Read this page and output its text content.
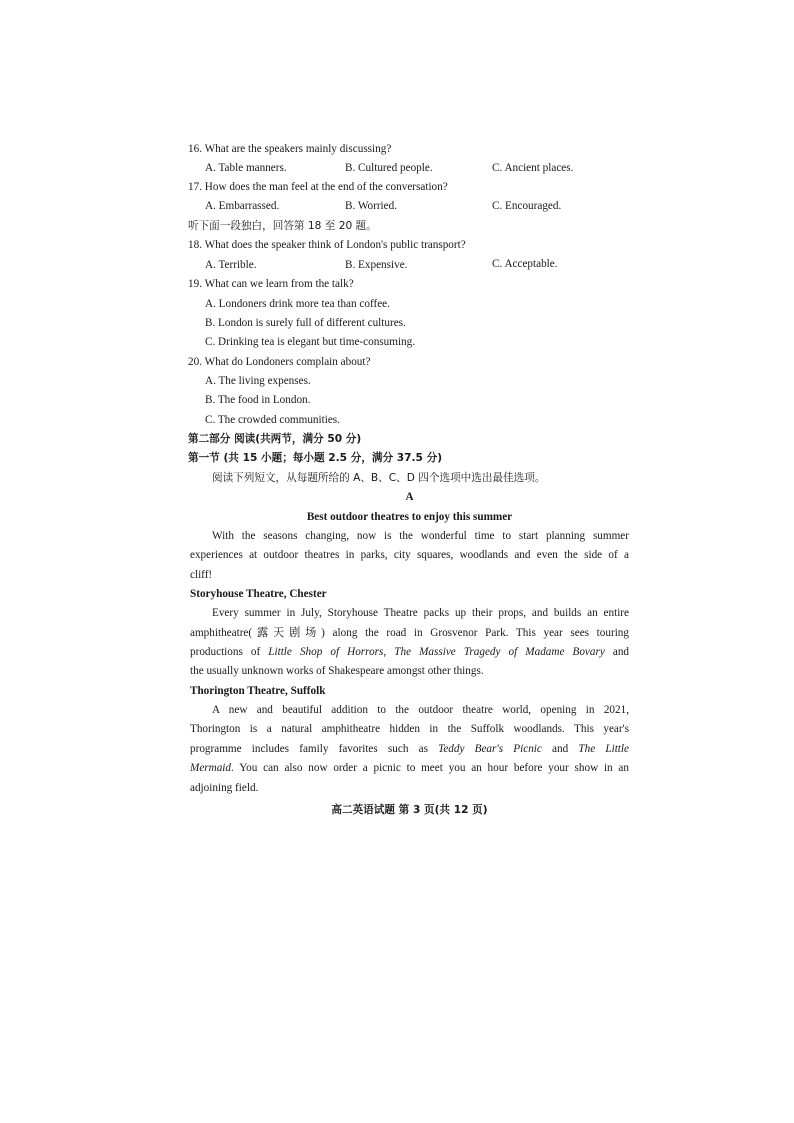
16. What are the speakers mainly discussing?
A. Table manners.	B. Cultured people.	C. Ancient places.
17. How does the man feel at the end of the conversation?
A. Embarrassed.	B. Worried.	C. Encouraged.
听下面一段独白，回答第 18 至 20 题。
18. What does the speaker think of London's public transport?
A. Terrible.	B. Expensive.	C. Acceptable.
19. What can we learn from the talk?
A. Londoners drink more tea than coffee.
B. London is surely full of different cultures.
C. Drinking tea is elegant but time-consuming.
20. What do Londoners complain about?
A. The living expenses.
B. The food in London.
C. The crowded communities.
第二部分 阅读(共两节，满分 50 分)
第一节 (共 15 小题；每小题 2.5 分，满分 37.5 分)
阅读下列短文，从每题所给的 A、B、C、D 四个选项中选出最佳选项。
A
Best outdoor theatres to enjoy this summer
With the seasons changing, now is the wonderful time to start planning summer
experiences at outdoor theatres in parks, city squares, woodlands and even the side of a
cliff!
Storyhouse Theatre, Chester
Every summer in July, Storyhouse Theatre packs up their props, and builds an entire
amphitheatre(露天剧场) along the road in Grosvenor Park. This year sees touring
productions of Little Shop of Horrors, The Massive Tragedy of Madame Bovary and
the usually unknown works of Shakespeare amongst other things.
Thorington Theatre, Suffolk
A new and beautiful addition to the outdoor theatre world, opening in 2021,
Thorington is a natural amphitheatre hidden in the Suffolk woodlands. This year's
programme includes family favorites such as Teddy Bear's Picnic and The Little
Mermaid. You can also now order a picnic to meet you an hour before your show in an
adjoining field.
高二英语试题 第 3 页(共 12 页)
